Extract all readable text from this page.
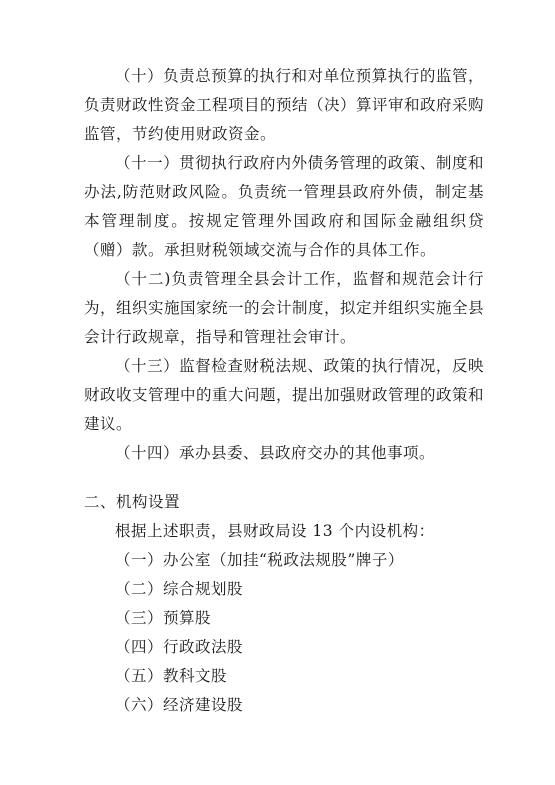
（十）负责总预算的执行和对单位预算执行的监管，负责财政性资金工程项目的预结（决）算评审和政府采购监管，节约使用财政资金。

（十一）贯彻执行政府内外债务管理的政策、制度和办法,防范财政风险。负责统一管理县政府外债，制定基本管理制度。按规定管理外国政府和国际金融组织贷（赠）款。承担财税领域交流与合作的具体工作。

（十二)负责管理全县会计工作，监督和规范会计行为，组织实施国家统一的会计制度，拟定并组织实施全县会计行政规章，指导和管理社会审计。

（十三）监督检查财税法规、政策的执行情况，反映财政收支管理中的重大问题，提出加强财政管理的政策和建议。

（十四）承办县委、县政府交办的其他事项。

二、机构设置

根据上述职责，县财政局设 13 个内设机构：

（一）办公室（加挂“税政法规股”牌子）

（二）综合规划股

（三）预算股

（四）行政政法股

（五）教科文股

（六）经济建设股
